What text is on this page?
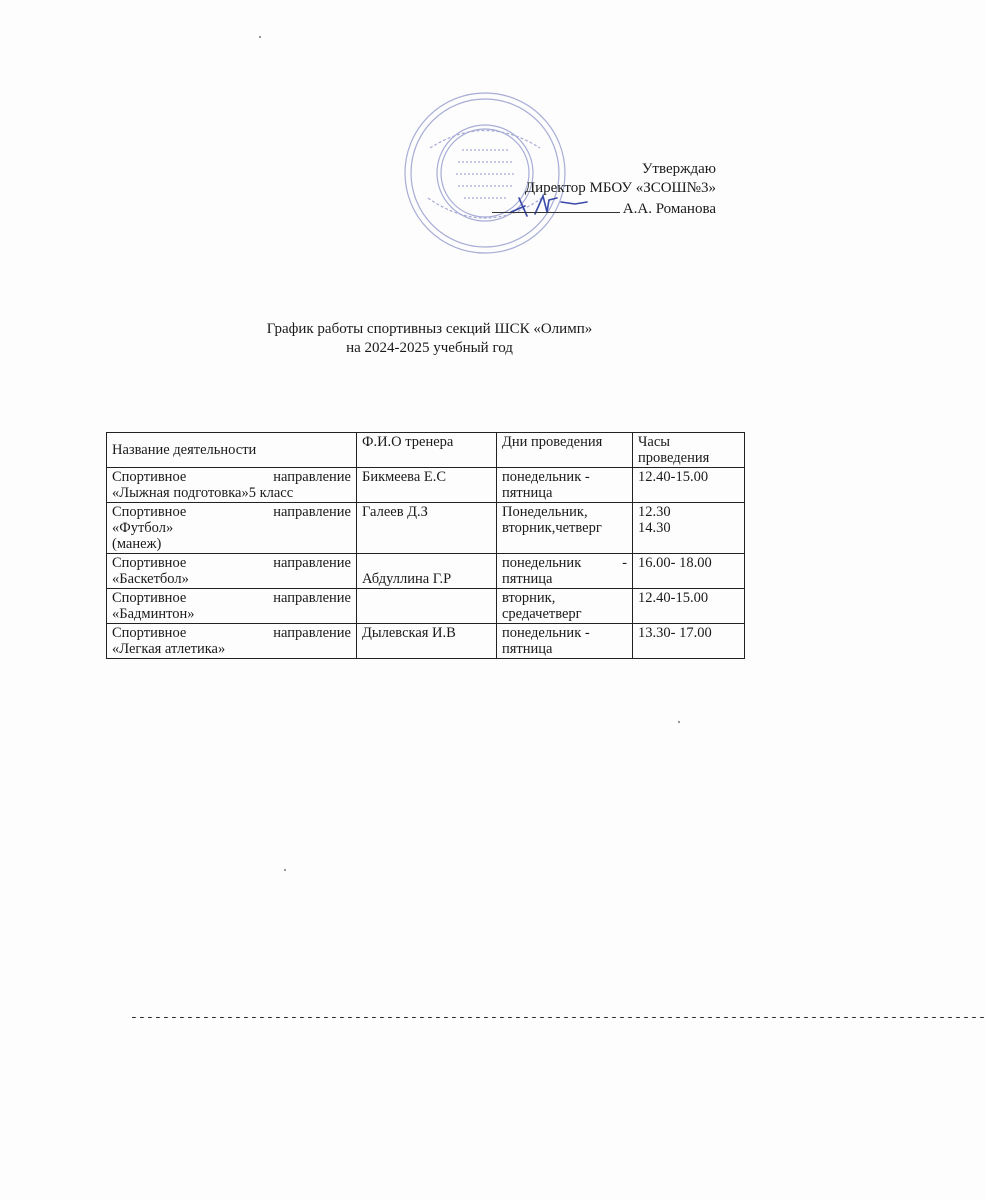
Утверждаю
Директор МБОУ «ЗСОШ№3»
А.А. Романова
График работы спортивныз секций ШСК «Олимп»
на 2024-2025 учебный год
Название деятельности	Ф.И.О тренера	Дни проведения	Часы проведения

Спортивное направление
«Лыжная подготовка»5 класс	Бикмеева Е.С	понедельник -
пятница	12.40-15.00

Спортивное направление
«Футбол»
(манеж)	Галеев Д.З	Понедельник,
вторник,четверг	12.30
14.30

Спортивное направление
«Баскетбол»	Абдуллина Г.Р	понедельник -
пятница	16.00- 18.00

Спортивное направление
«Бадминтон»		вторник,
средачетверг	12.40-15.00

Спортивное направление
«Легкая атлетика»	Дылевская И.В	понедельник -
пятница	13.30- 17.00
-----------------------------------------------------------------------------------------------------------
